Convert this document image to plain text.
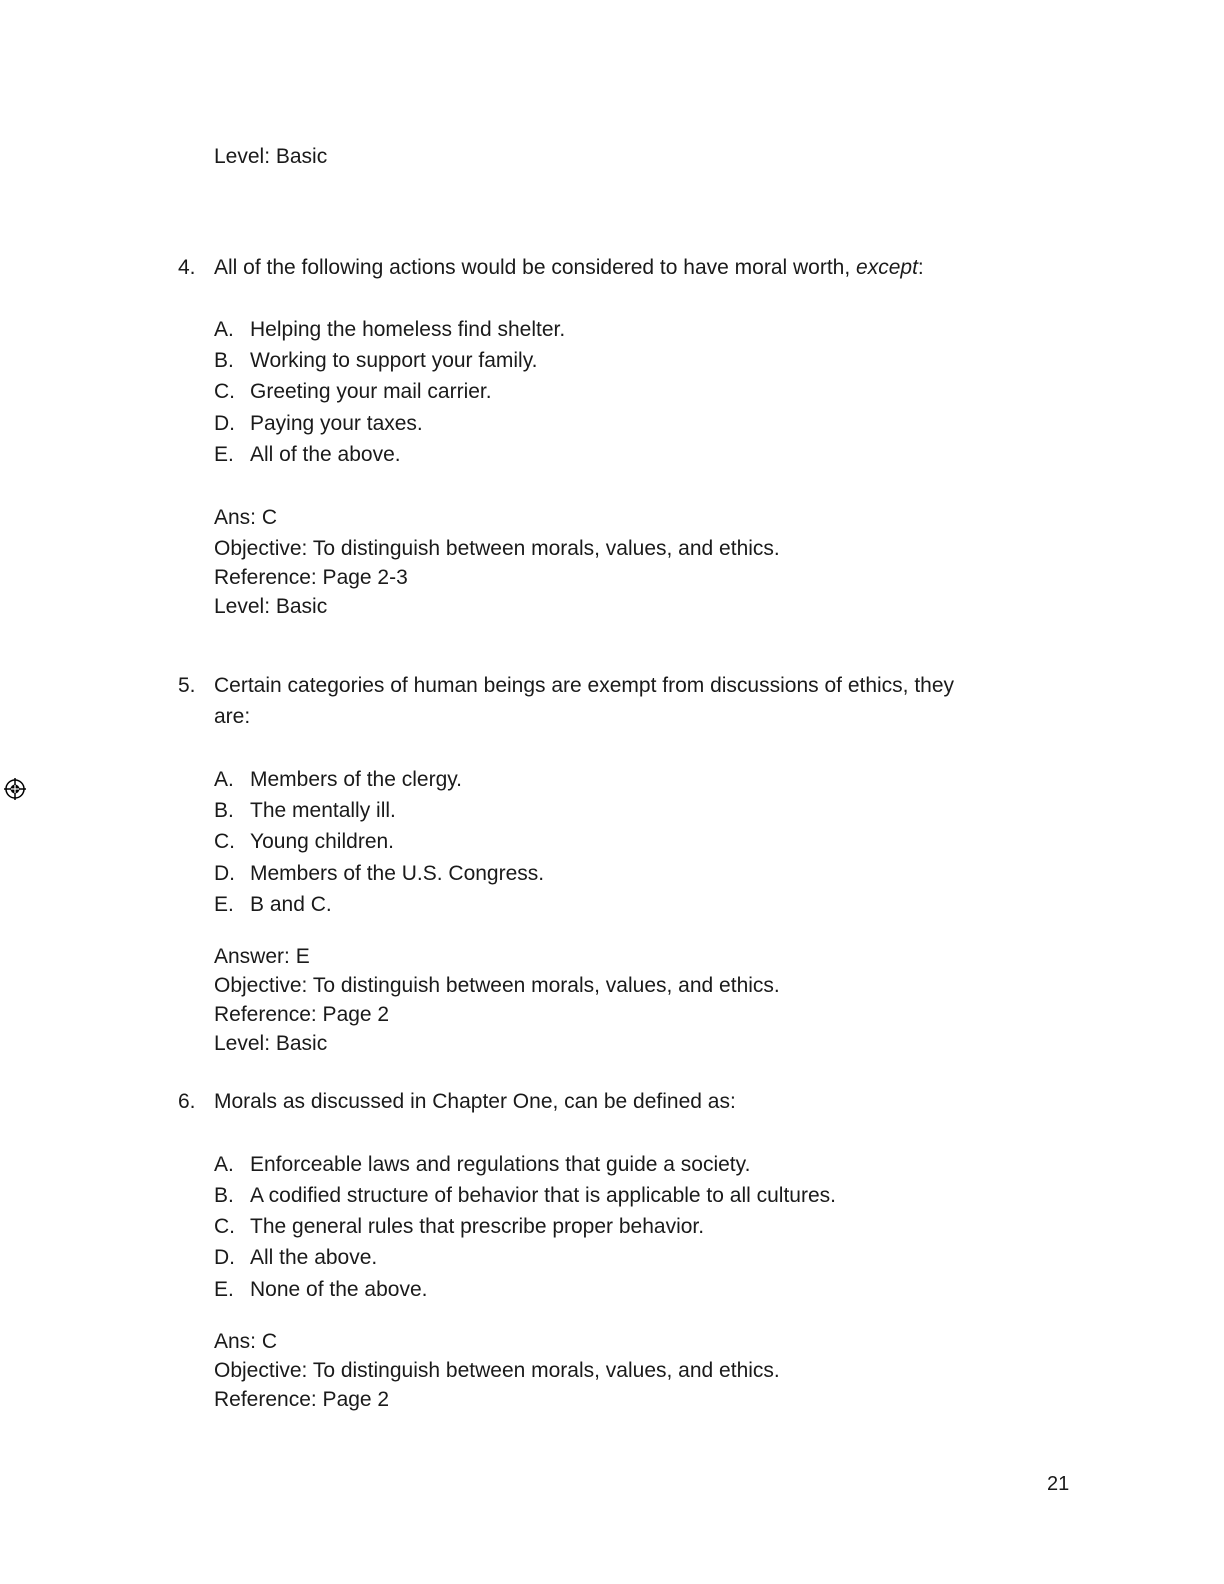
Level: Basic
4. All of the following actions would be considered to have moral worth, except:
A. Helping the homeless find shelter.
B. Working to support your family.
C. Greeting your mail carrier.
D. Paying your taxes.
E. All of the above.
Ans: C
Objective: To distinguish between morals, values, and ethics.
Reference: Page 2-3
Level: Basic
5. Certain categories of human beings are exempt from discussions of ethics, they
are:
A. Members of the clergy.
B. The mentally ill.
C. Young children.
D. Members of the U.S. Congress.
E. B and C.
Answer: E
Objective: To distinguish between morals, values, and ethics.
Reference: Page 2
Level: Basic
6. Morals as discussed in Chapter One, can be defined as:
A. Enforceable laws and regulations that guide a society.
B. A codified structure of behavior that is applicable to all cultures.
C. The general rules that prescribe proper behavior.
D. All the above.
E. None of the above.
Ans: C
Objective: To distinguish between morals, values, and ethics.
Reference: Page 2
21
